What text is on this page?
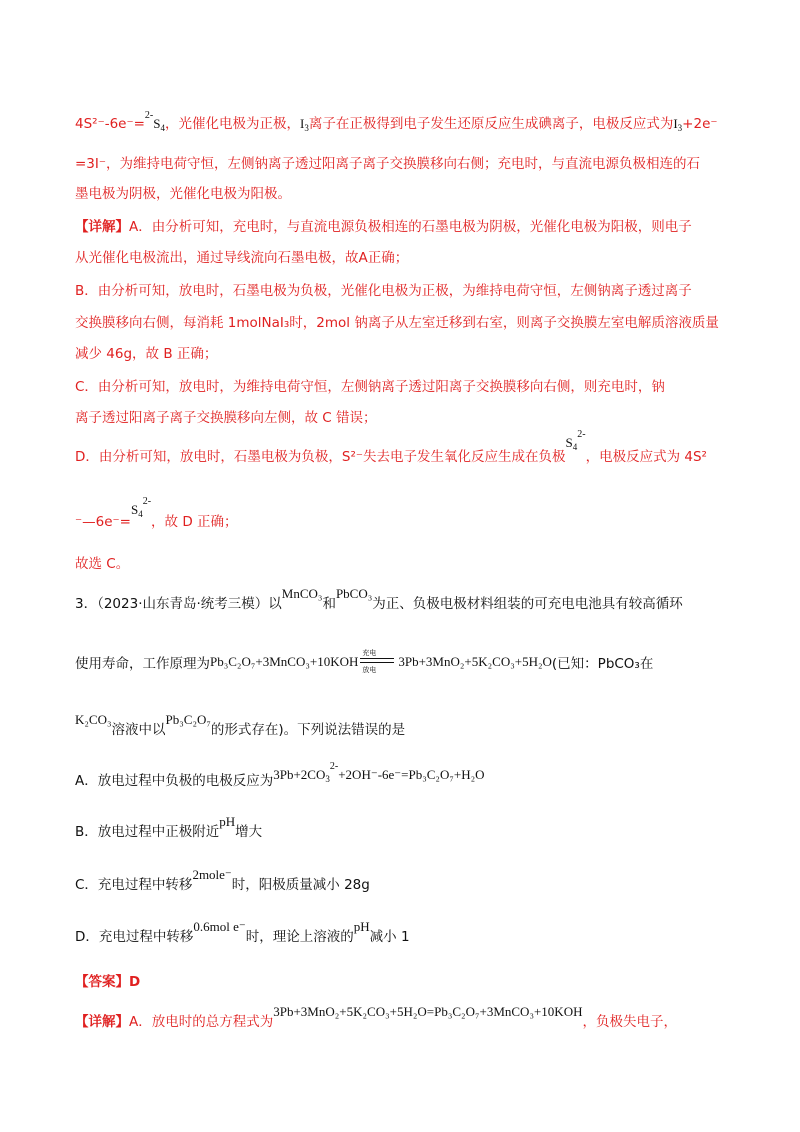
$4S^{2-}-6e^-=^{2-}S_4$，光催化电极为正极，$I_3$离子在正极得到电子发生还原反应生成碘离子，电极反应式为$I_3+2e^-$
=3I⁻，为维持电荷守恒，左侧钠离子透过阳离子离子交换膜移向右侧；充电时，与直流电源负极相连的石
墨电极为阴极，光催化电极为阳极。
【详解】A．由分析可知，充电时，与直流电源负极相连的石墨电极为阴极，光催化电极为阳极，则电子
从光催化电极流出，通过导线流向石墨电极，故A正确；
B．由分析可知，放电时，石墨电极为负极，光催化电极为正极，为维持电荷守恒，左侧钠离子透过离子
交换膜移向右侧，每消耗 1molNaI₃时，2mol 钠离子从左室迁移到右室，则离子交换膜左室电解质溶液质量
减少 46g，故 B 正确；
C．由分析可知，放电时，为维持电荷守恒，左侧钠离子透过阳离子交换膜移向右侧，则充电时，钠
离子透过阳离子离子交换膜移向左侧，故 C 错误；
D．由分析可知，放电时，石墨电极为负极，S²⁻失去电子发生氧化反应生成在负极$S_4^{2-}$，电极反应式为 4S²
$^-—6e^-=S_4^{2-}$，故 D 正确；
故选 C。
3．（2023·山东青岛·统考三模）以MnCO₃和PbCO₃为正、负极电极材料组装的可充电电池具有较高循环
使用寿命，工作原理为Pb₃C₂O₇+3MnCO₃+10KOH
充电
放电
3Pb+3MnO₂+5K₂CO₃+5H₂O(已知：PbCO₃在
K₂CO₃溶液中以Pb₃C₂O₇的形式存在)。下列说法错误的是
A．放电过程中负极的电极反应为$3Pb+2CO_3^{2-}+2OH^--6e^-=Pb_3C_2O_7+H_2O$
B．放电过程中正极附近pH增大
C．充电过程中转移2mole⁻时，阳极质量减小 28g
D．充电过程中转移0.6mol e⁻时，理论上溶液的pH减小 1
【答案】D
【详解】A．放电时的总方程式为3Pb+3MnO₂+5K₂CO₃+5H₂O=Pb₃C₂O₇+3MnCO₃+10KOH，负极失电子，
